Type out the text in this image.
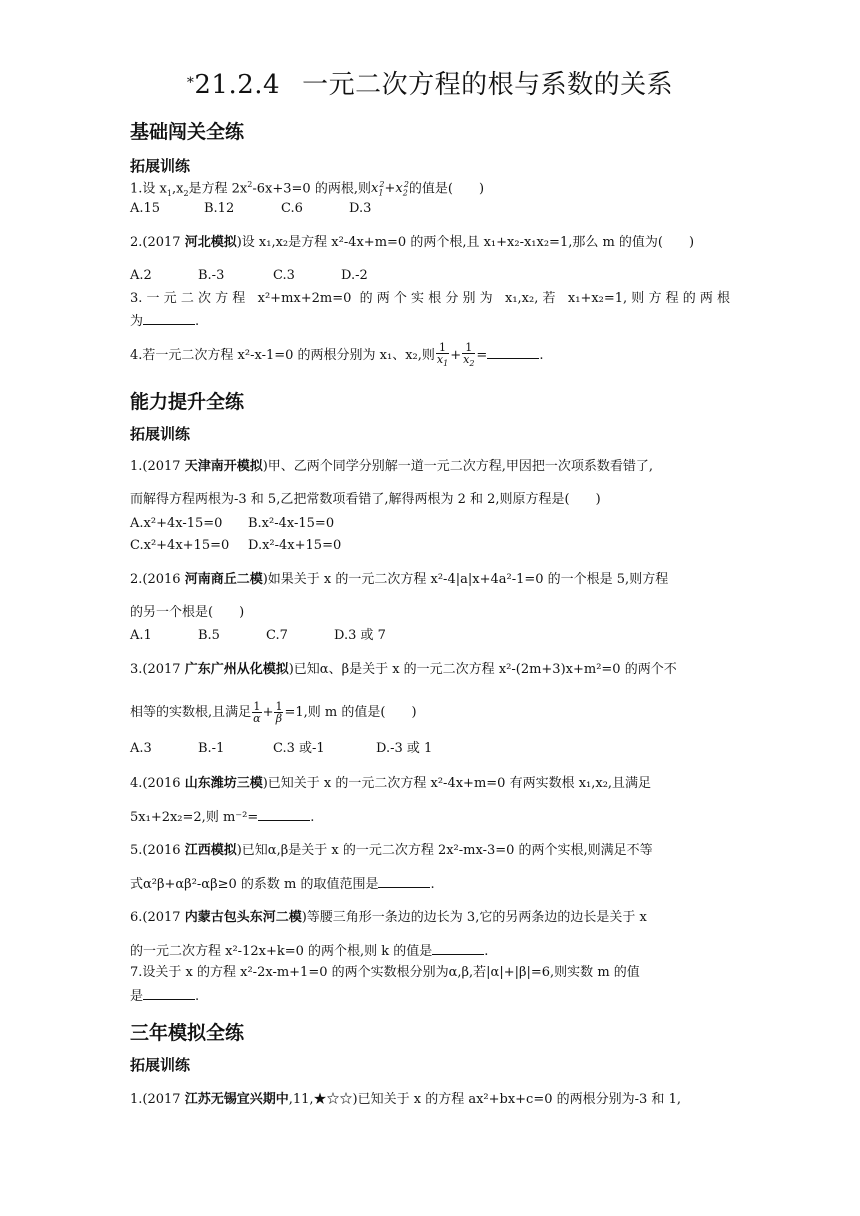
*21.2.4 一元二次方程的根与系数的关系
基础闯关全练
拓展训练
1.设 $x_1,x_2$是方程 $2x^2-6x+3=0$ 的两根,则$x_1^2+x_2^2$的值是(　　)
A.15	B.12	C.6	D.3
2.(2017 河北模拟)设 x₁,x₂是方程 x²-4x+m=0 的两个根,且 x₁+x₂-x₁x₂=1,那么 m 的值为(　　)
A.2	B.-3	C.3	D.-2
3.一元二次方程 x²+mx+2m=0 的两个实根分别为 x₁,x₂,若 x₁+x₂=1,则方程的两根
为	.
4.若一元二次方程 x²-x-1=0 的两根分别为 x₁、x₂,则 $\frac{1}{x_1} + \frac{1}{x_2}$ =	.
能力提升全练
拓展训练
1.(2017 天津南开模拟)甲、乙两个同学分别解一道一元二次方程,甲因把一次项系数看错了,
而解得方程两根为-3 和 5,乙把常数项看错了,解得两根为 2 和 2,则原方程是(　　)
A.x²+4x-15=0 B.x²-4x-15=0
C.x²+4x+15=0 D.x²-4x+15=0
2.(2016 河南商丘二模)如果关于 x 的一元二次方程 x²-4|a|x+4a²-1=0 的一个根是 5,则方程
的另一个根是(　　)
A.1	B.5	C.7	D.3 或 7
3.(2017 广东广州从化模拟)已知α、β是关于 x 的一元二次方程 x²-(2m+3)x+m²=0 的两个不
相等的实数根,且满足 $\frac{1}{\alpha} + \frac{1}{\beta} =1$,则 m 的值是(　　)
A.3	B.-1	C.3 或-1	D.-3 或 1
4.(2016 山东潍坊三模)已知关于 x 的一元二次方程 x²-4x+m=0 有两实数根 x₁,x₂,且满足
5x₁+2x₂=2,则 m⁻²=	.
5.(2016 江西模拟)已知α,β是关于 x 的一元二次方程 2x²-mx-3=0 的两个实根,则满足不等
式α²β+αβ²-αβ≥0 的系数 m 的取值范围是	.
6.(2017 内蒙古包头东河二模)等腰三角形一条边的边长为 3,它的另两条边的边长是关于 x
的一元二次方程 x²-12x+k=0 的两个根,则 k 的值是	.
7.设关于 x 的方程 x²-2x-m+1=0 的两个实数根分别为α,β,若|α|+|β|=6,则实数 m 的值
是	.
三年模拟全练
拓展训练
1.(2017 江苏无锡宜兴期中,11,★☆☆)已知关于 x 的方程 ax²+bx+c=0 的两根分别为-3 和 1,
